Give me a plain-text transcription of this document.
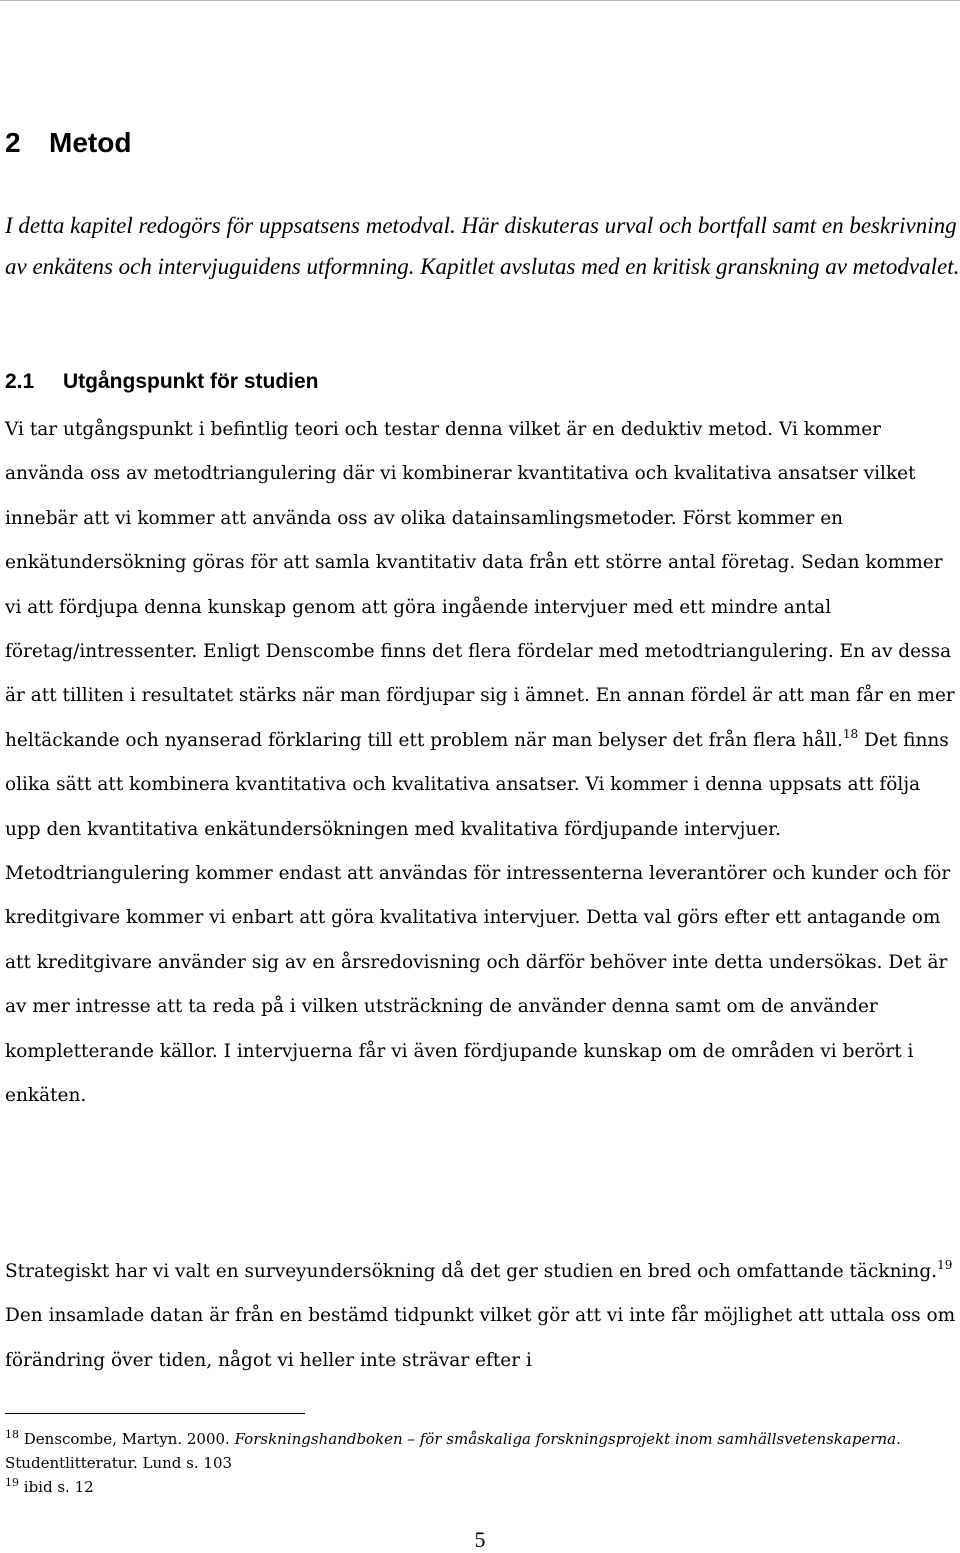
2 Metod

I detta kapitel redogörs för uppsatsens metodval. Här diskuteras urval och bortfall samt en beskrivning av enkätens och intervjuguidens utformning. Kapitlet avslutas med en kritisk granskning av metodvalet.

2.1 Utgångspunkt för studien

Vi tar utgångspunkt i befintlig teori och testar denna vilket är en deduktiv metod. Vi kommer använda oss av metodtriangulering där vi kombinerar kvantitativa och kvalitativa ansatser vilket innebär att vi kommer att använda oss av olika datainsamlingsmetoder. Först kommer en enkätundersökning göras för att samla kvantitativ data från ett större antal företag. Sedan kommer vi att fördjupa denna kunskap genom att göra ingående intervjuer med ett mindre antal företag/intressenter. Enligt Denscombe finns det flera fördelar med metodtriangulering. En av dessa är att tilliten i resultatet stärks när man fördjupar sig i ämnet. En annan fördel är att man får en mer heltäckande och nyanserad förklaring till ett problem när man belyser det från flera håll.$^{18}$ Det finns olika sätt att kombinera kvantitativa och kvalitativa ansatser. Vi kommer i denna uppsats att följa upp den kvantitativa enkätundersökningen med kvalitativa fördjupande intervjuer. Metodtriangulering kommer endast att användas för intressenterna leverantörer och kunder och för kreditgivare kommer vi enbart att göra kvalitativa intervjuer. Detta val görs efter ett antagande om att kreditgivare använder sig av en årsredovisning och därför behöver inte detta undersökas. Det är av mer intresse att ta reda på i vilken utsträckning de använder denna samt om de använder kompletterande källor. I intervjuerna får vi även fördjupande kunskap om de områden vi berört i enkäten.

Strategiskt har vi valt en surveyundersökning då det ger studien en bred och omfattande täckning.$^{19}$ Den insamlade datan är från en bestämd tidpunkt vilket gör att vi inte får möjlighet att uttala oss om förändring över tiden, något vi heller inte strävar efter i

$^{18}$ Denscombe, Martyn. 2000. Forskningshandboken – för småskaliga forskningsprojekt inom samhällsvetenskaperna. Studentlitteratur. Lund s. 103

$^{19}$ ibid s. 12

5
